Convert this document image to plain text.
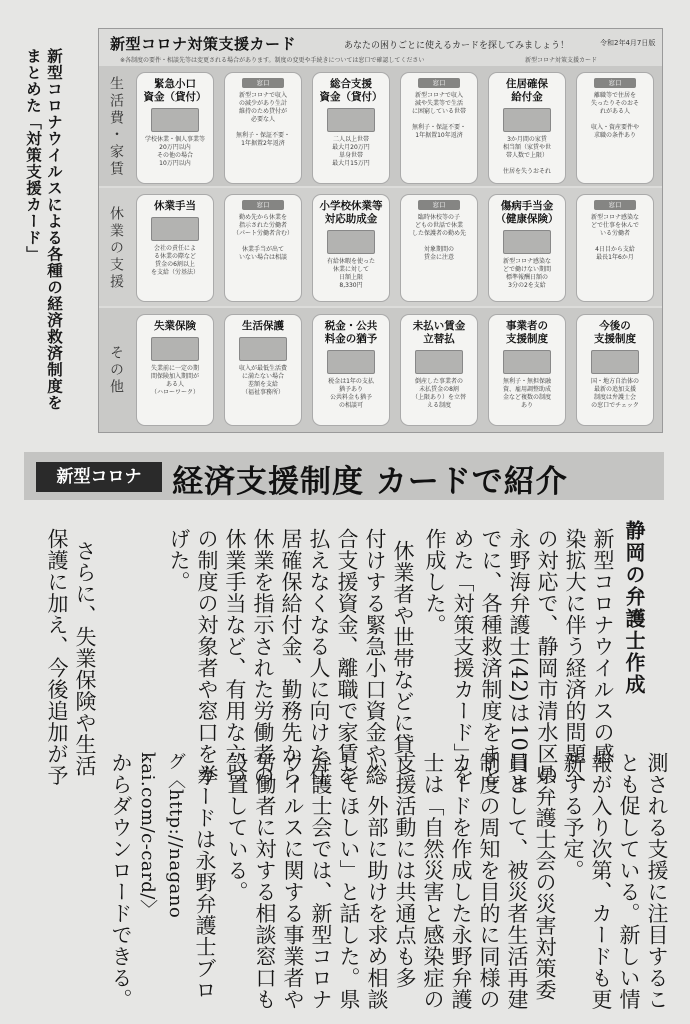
新型コロナ対策支援カード	あなたの困りごとに使えるカードを探してみましょう！	令和2年4月7日版
※各制度の要件・相談先等は変更される場合があります。制度の変更や手続きについては窓口で確認してください	新型コロナ対策支援カード
生活費・家賃
休業の支援
その他
緊急小口
資金（貸付）
学校休業・個人事業等
20万円以内
その他の場合
10万円以内
窓口
新型コロナで収入
の減少があり生計
維持のため貸付が
必要な人

無利子・保証不要・
1年据置2年返済
総合支援
資金（貸付）
二人以上世帯
最大月20万円
単身世帯
最大月15万円
窓口
新型コロナで収入
減や失業等で生活
に困窮している世帯

無利子・保証不要・
1年据置10年返済
住居確保
給付金
3か月間の家賃
相当額（家賃や世
帯人数で上限）

住居を失うおそれ
窓口
離職等で住居を
失ったりそのおそ
れがある人

収入・資産要件や
求職の条件あり
休業手当
会社の責任によ
る休業の際など
賃金の6割以上
を支給（労基法）
窓口
勤め先から休業を
指示された労働者
（パート労働者含む）

休業手当が出て
いない場合は相談
小学校休業等
対応助成金
有給休暇を使った
休業に対して
日額上限
8,330円
窓口
臨時休校等の子
どもの世話で休業
した保護者の勤め先

対象期間の
賃金に注意
傷病手当金
（健康保険）
新型コロナ感染な
どで働けない期間
標準報酬日額の
3分の2を支給
窓口
新型コロナ感染な
どで仕事を休んで
いる労働者

4日目から支給
最長1年6か月
失業保険
失業前に一定の期
間保険加入期間が
ある人
（ハローワーク）
生活保護
収入が最低生活費
に満たない場合
差額を支給
（福祉事務所）
税金・公共
料金の猶予
税金は1年の支払
猶予あり
公共料金も猶予
の相談可
未払い賃金
立替払
倒産した事業者の
未払賃金の8割
（上限あり）を立替
える制度
事業者の
支援制度
無利子・無担保融
資、雇用調整助成
金など複数の制度
あり
今後の
支援制度
国・地方自治体の
最新の追加支援
制度は弁護士会
の窓口でチェック
新型コロナウイルスによる各種の経済救済制度を
まとめた「対策支援カード」
新型コロナ 経済支援制度 カードで紹介
静岡の弁護士作成
新型コロナウイルスの感
染拡大に伴う経済的問題へ
の対応で、静岡市清水区の
永野海弁護士(42)は10日ま
でに、各種救済制度をまと
めた「対策支援カード」を
作成した。
休業者や世帯などに貸し
付けする緊急小口資金や総
合支援資金、離職で家賃を
払えなくなる人に向けた住
居確保給付金、勤務先から
休業を指示された労働者の
休業手当など、有用な六つ
の制度の対象者や窓口を挙
げた。
さらに、失業保険や生活
保護に加え、今後追加が予
測される支援に注目するこ
とも促している。新しい情
報が入り次第、カードも更
新する予定。
県弁護士会の災害対策委
員として、被災者生活再建
制度の周知を目的に同様の
カードを作成した永野弁護
士は「自然災害と感染症の
支援活動には共通点も多
い。外部に助けを求め相談
してほしい」と話した。県
弁護士会では、新型コロナ
ウイルスに関する事業者や
労働者に対する相談窓口も
設置している。
カードは永野弁護士ブロ
グ〈http://nagano
kai.com/c-card/〉
からダウンロードできる。
